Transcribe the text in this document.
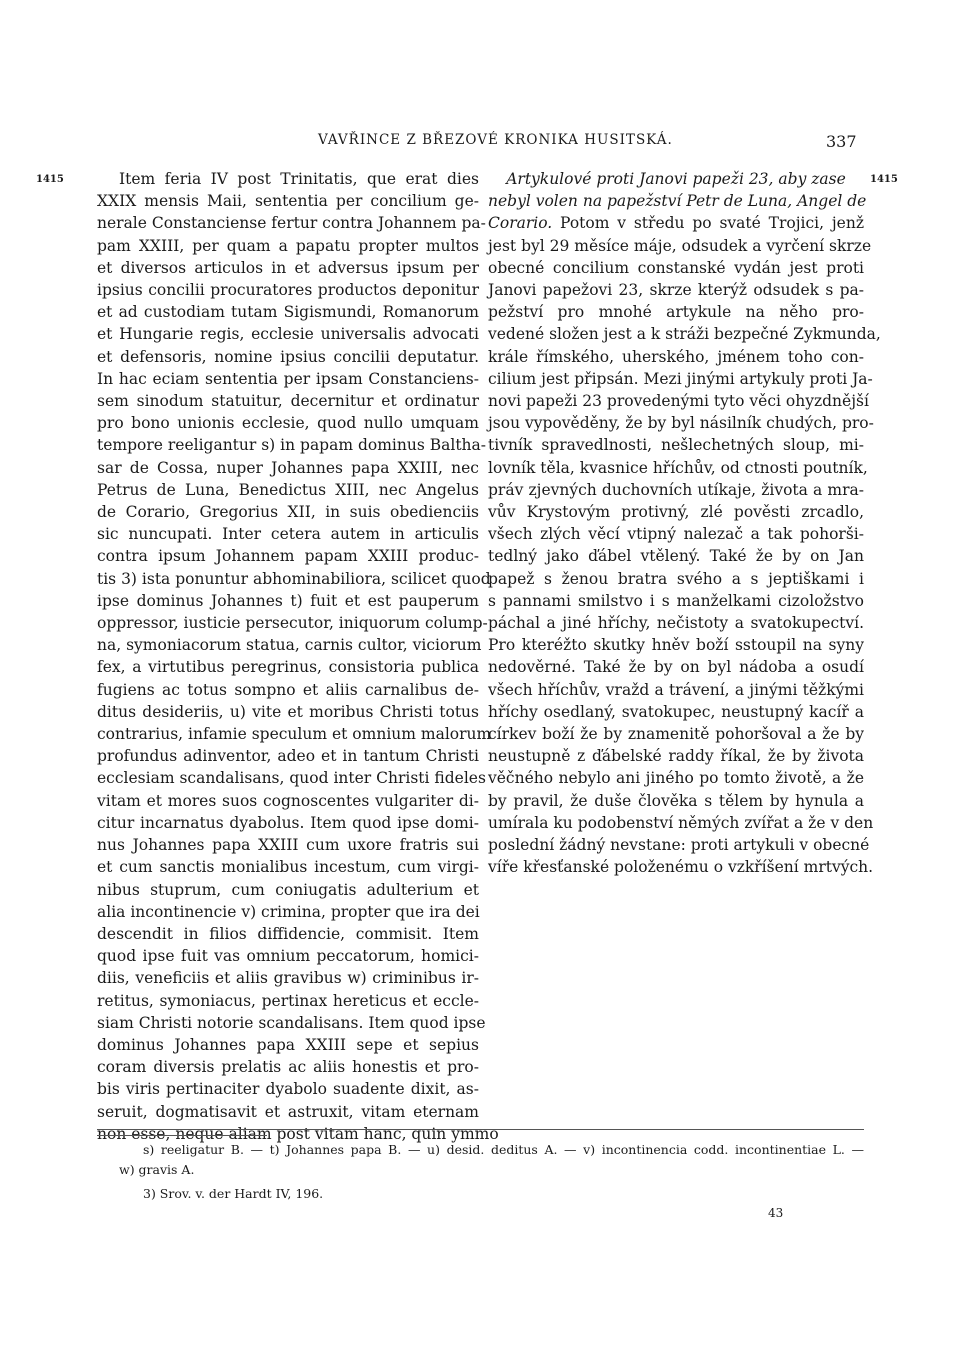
VAVŘINCE Z BŘEZOVÉ KRONIKA HUSITSKÁ.	337
1415	1415
Item feria IV post Trinitatis, que erat dies
XXIX mensis Maii, sententia per concilium ge-
nerale Constanciense fertur contra Johannem pa-
pam XXIII, per quam a papatu propter multos
et diversos articulos in et adversus ipsum per
ipsius concilii procuratores productos deponitur
et ad custodiam tutam Sigismundi, Romanorum
et Hungarie regis, ecclesie universalis advocati
et defensoris, nomine ipsius concilii deputatur.
In hac eciam sententia per ipsam Constanciens-
sem sinodum statuitur, decernitur et ordinatur
pro bono unionis ecclesie, quod nullo umquam
tempore reeligantur s) in papam dominus Baltha-
sar de Cossa, nuper Johannes papa XXIII, nec
Petrus de Luna, Benedictus XIII, nec Angelus
de Corario, Gregorius XII, in suis obedienciis
sic nuncupati. Inter cetera autem in articulis
contra ipsum Johannem papam XXIII produc-
tis 3) ista ponuntur abhominabiliora, scilicet quod
ipse dominus Johannes t) fuit et est pauperum
oppressor, iusticie persecutor, iniquorum colump-
na, symoniacorum statua, carnis cultor, viciorum
fex, a virtutibus peregrinus, consistoria publica
fugiens ac totus sompno et aliis carnalibus de-
ditus desideriis, u) vite et moribus Christi totus
contrarius, infamie speculum et omnium malorum
profundus adinventor, adeo et in tantum Christi
ecclesiam scandalisans, quod inter Christi fideles
vitam et mores suos cognoscentes vulgariter di-
citur incarnatus dyabolus. Item quod ipse domi-
nus Johannes papa XXIII cum uxore fratris sui
et cum sanctis monialibus incestum, cum virgi-
nibus stuprum, cum coniugatis adulterium et
alia incontinencie v) crimina, propter que ira dei
descendit in filios diffidencie, commisit. Item
quod ipse fuit vas omnium peccatorum, homici-
diis, veneficiis et aliis gravibus w) criminibus ir-
retitus, symoniacus, pertinax hereticus et eccle-
siam Christi notorie scandalisans. Item quod ipse
dominus Johannes papa XXIII sepe et sepius
coram diversis prelatis ac aliis honestis et pro-
bis viris pertinaciter dyabolo suadente dixit, as-
seruit, dogmatisavit et astruxit, vitam eternam
non esse, neque aliam post vitam hanc, quin ymmo
Artykulové proti Janovi papeži 23, aby zase
nebyl volen na papežství Petr de Luna, Angel de
Corario. Potom v středu po svaté Trojici, jenž
jest byl 29 měsíce máje, odsudek a vyrčení skrze
obecné concilium constanské vydán jest proti
Janovi papežovi 23, skrze kterýž odsudek s pa-
pežství pro mnohé artykule na něho pro-
vedené složen jest a k stráži bezpečné Zykmunda,
krále římského, uherského, jménem toho con-
cilium jest připsán. Mezi jinými artykuly proti Ja-
novi papeži 23 provedenými tyto věci ohyzdnější
jsou vypověděny, že by byl násilník chudých, pro-
tivník spravedlnosti, nešlechetných sloup, mi-
lovník těla, kvasnice hříchův, od ctnosti poutník,
práv zjevných duchovních utíkaje, života a mra-
vův Krystovým protivný, zlé pověsti zrcadlo,
všech zlých věcí vtipný nalezač a tak pohorši-
tedlný jako ďábel vtělený. Také že by on Jan
papež s ženou bratra svého a s jeptiškami i
s pannami smilstvo i s manželkami cizoložstvo
páchal a jiné hříchy, nečistoty a svatokupectví.
Pro kteréžto skutky hněv boží sstoupil na syny
nedověrné. Také že by on byl nádoba a osudí
všech hříchův, vražd a trávení, a jinými těžkými
hříchy osedlaný, svatokupec, neustupný kacíř a
církev boží že by znamenitě pohoršoval a že by
neustupně z ďábelské raddy říkal, že by života
věčného nebylo ani jiného po tomto životě, a že
by pravil, že duše člověka s tělem by hynula a
umírala ku podobenství němých zvířat a že v den
poslední žádný nevstane: proti artykuli v obecné
víře křesťanské položenému o vzkříšení mrtvých.
s) reeligatur B. — t) Johannes papa B. — u) desid. deditus A. — v) incontinencia codd. incontinentiae L. —
w) gravis A.
3) Srov. v. der Hardt IV, 196.
43
